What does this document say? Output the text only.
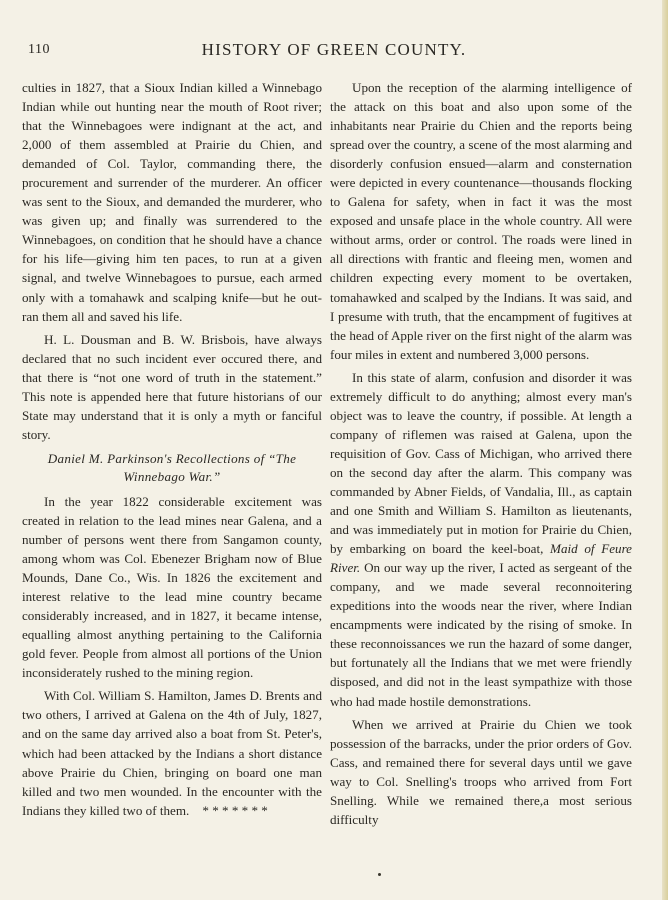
110	HISTORY OF GREEN COUNTY.

culties in 1827, that a Sioux Indian killed a Winnebago Indian while out hunting near the mouth of Root river; that the Winnebagoes were indignant at the act, and 2,000 of them assembled at Prairie du Chien, and demanded of Col. Taylor, commanding there, the procurement and surrender of the murderer. An officer was sent to the Sioux, and demanded the murderer, who was given up; and finally was surrendered to the Winnebagoes, on condition that he should have a chance for his life—giving him ten paces, to run at a given signal, and twelve Winnebagoes to pursue, each armed only with a tomahawk and scalping knife—but he out-ran them all and saved his life.

H. L. Dousman and B. W. Brisbois, have always declared that no such incident ever occured there, and that there is “not one word of truth in the statement.” This note is appended here that future historians of our State may understand that it is only a myth or fanciful story.

Daniel M. Parkinson's Recollections of “The Winnebago War.”

In the year 1822 considerable excitement was created in relation to the lead mines near Galena, and a number of persons went there from Sangamon county, among whom was Col. Ebenezer Brigham now of Blue Mounds, Dane Co., Wis. In 1826 the excitement and interest relative to the lead mine country became considerably increased, and in 1827, it became intense, equalling almost anything pertaining to the California gold fever. People from almost all portions of the Union inconsiderately rushed to the mining region.

With Col. William S. Hamilton, James D. Brents and two others, I arrived at Galena on the 4th of July, 1827, and on the same day arrived also a boat from St. Peter's, which had been attacked by the Indians a short distance above Prairie du Chien, bringing on board one man killed and two men wounded. In the encounter with the Indians they killed two of them. * * * * * * *

Upon the reception of the alarming intelligence of the attack on this boat and also upon some of the inhabitants near Prairie du Chien and the reports being spread over the country, a scene of the most alarming and disorderly confusion ensued—alarm and consternation were depicted in every countenance—thousands flocking to Galena for safety, when in fact it was the most exposed and unsafe place in the whole country. All were without arms, order or control. The roads were lined in all directions with frantic and fleeing men, women and children expecting every moment to be overtaken, tomahawked and scalped by the Indians. It was said, and I presume with truth, that the encampment of fugitives at the head of Apple river on the first night of the alarm was four miles in extent and numbered 3,000 persons.

In this state of alarm, confusion and disorder it was extremely difficult to do anything; almost every man's object was to leave the country, if possible. At length a company of riflemen was raised at Galena, upon the requisition of Gov. Cass of Michigan, who arrived there on the second day after the alarm. This company was commanded by Abner Fields, of Vandalia, Ill., as captain and one Smith and William S. Hamilton as lieutenants, and was immediately put in motion for Prairie du Chien, by embarking on board the keel-boat, Maid of Feure River. On our way up the river, I acted as sergeant of the company, and we made several reconnoitering expeditions into the woods near the river, where Indian encampments were indicated by the rising of smoke. In these reconnoissances we run the hazard of some danger, but fortunately all the Indians that we met were friendly disposed, and did not in the least sympathize with those who had made hostile demonstrations.

When we arrived at Prairie du Chien we took possession of the barracks, under the prior orders of Gov. Cass, and remained there for several days until we gave way to Col. Snelling's troops who arrived from Fort Snelling. While we remained there,a most serious difficulty
